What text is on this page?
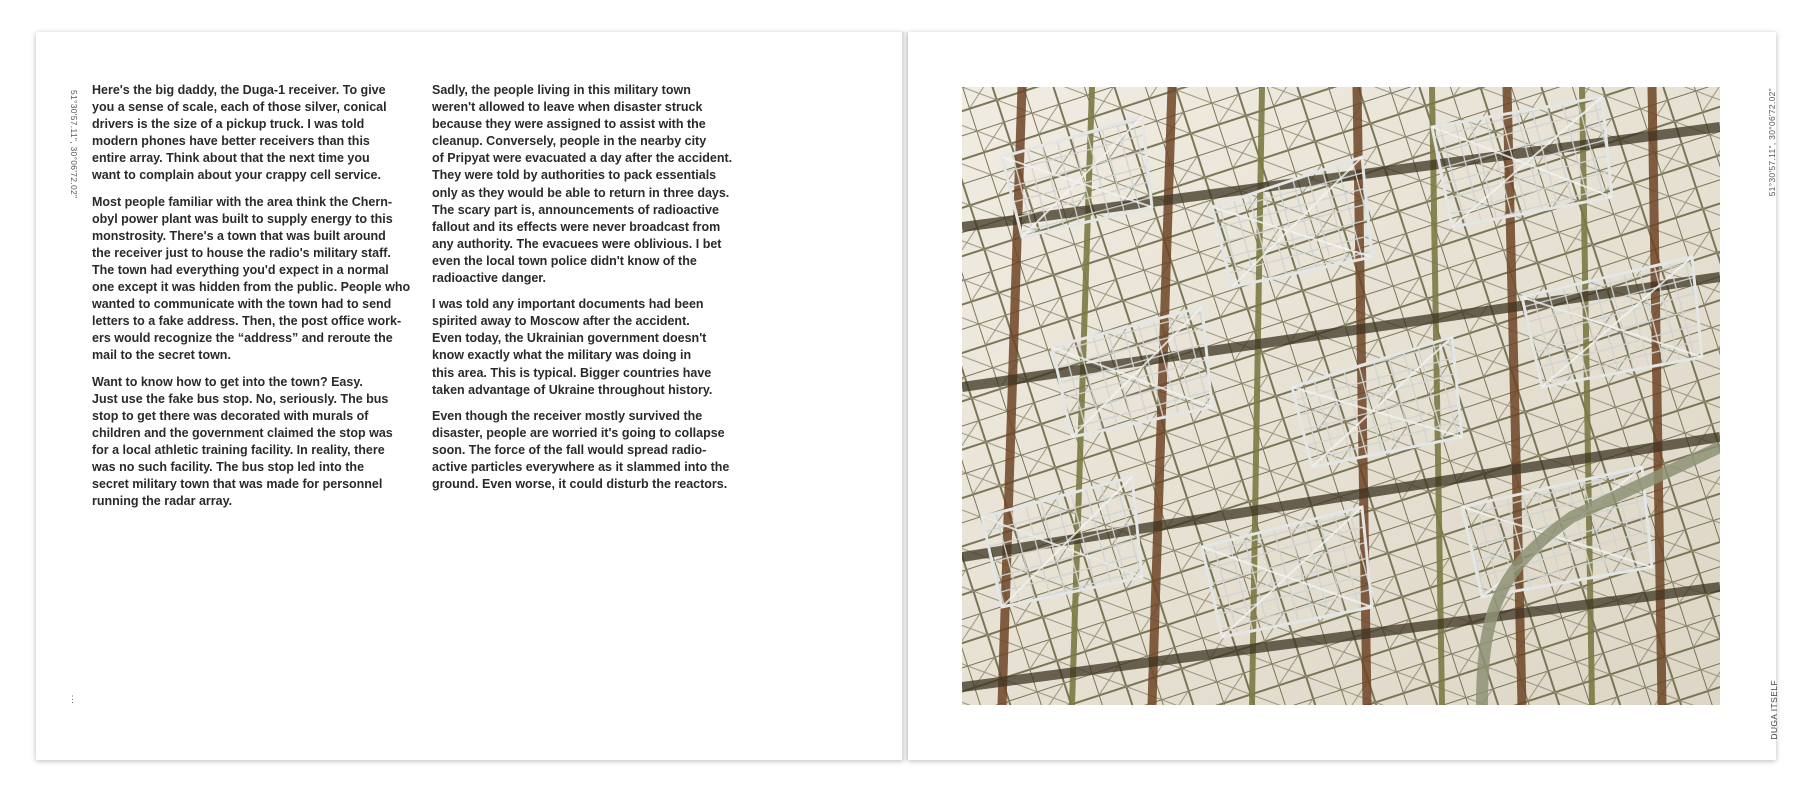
51°30'57.11", 30°06'72.02"
⋮

Here's the big daddy, the Duga-1 receiver. To give
you a sense of scale, each of those silver, conical
drivers is the size of a pickup truck. I was told
modern phones have better receivers than this
entire array. Think about that the next time you
want to complain about your crappy cell service.

Most people familiar with the area think the Chern-
obyl power plant was built to supply energy to this
monstrosity. There's a town that was built around
the receiver just to house the radio's military staff.
The town had everything you'd expect in a normal
one except it was hidden from the public. People who
wanted to communicate with the town had to send
letters to a fake address. Then, the post office work-
ers would recognize the “address” and reroute the
mail to the secret town.

Want to know how to get into the town? Easy.
Just use the fake bus stop. No, seriously. The bus
stop to get there was decorated with murals of
children and the government claimed the stop was
for a local athletic training facility. In reality, there
was no such facility. The bus stop led into the
secret military town that was made for personnel
running the radar array.

Sadly, the people living in this military town
weren't allowed to leave when disaster struck
because they were assigned to assist with the
cleanup. Conversely, people in the nearby city
of Pripyat were evacuated a day after the accident.
They were told by authorities to pack essentials
only as they would be able to return in three days.
The scary part is, announcements of radioactive
fallout and its effects were never broadcast from
any authority. The evacuees were oblivious. I bet
even the local town police didn't know of the
radioactive danger.

I was told any important documents had been
spirited away to Moscow after the accident.
Even today, the Ukrainian government doesn't
know exactly what the military was doing in
this area. This is typical. Bigger countries have
taken advantage of Ukraine throughout history.

Even though the receiver mostly survived the
disaster, people are worried it's going to collapse
soon. The force of the fall would spread radio-
active particles everywhere as it slammed into the
ground. Even worse, it could disturb the reactors.

51°30'57.11", 30°06'72.02"
DUGA ITSELF
